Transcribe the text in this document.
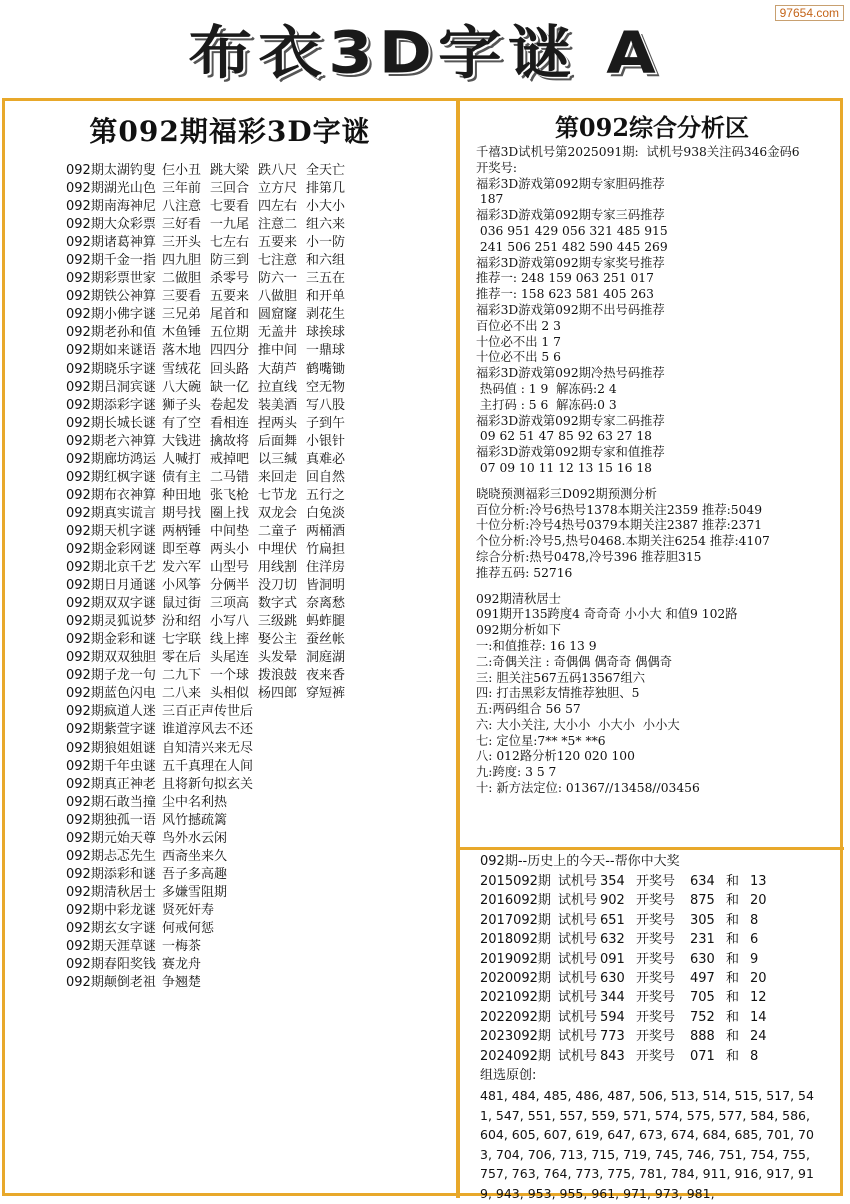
97654.com
布衣3D字谜 A
第092期福彩3D字谜
092期太湖钓叟 仨小丑 跳大梁 跌八尺 全天亡
092期湖光山色 三年前 三回合 立方尺 排第几
092期南海神尼 八注意 七要看 四左右 小大小
092期大众彩票 三好看 一九尾 注意二 组六来
092期诸葛神算 三开头 七左右 五要来 小一防
092期千金一指 四九胆 防三到 七注意 和六组
092期彩票世家 二做胆 杀零号 防六一 三五在
092期铁公神算 三要看 五要来 八做胆 和开单
092期小佛字谜 三兄弟 尾首和 圆窟窿 剥花生
092期老孙和值 木鱼锤 五位期 无盖井 球挨球
092期如来谜语 落木地 四四分 推中间 一鼎球
092期晓乐字谜 雪绒花 回头路 大葫芦 鹤嘴锄
092期吕洞宾谜 八大碗 缺一亿 拉直线 空无物
092期添彩字谜 狮子头 卷起发 装美酒 写八股
092期长城长谜 有了空 看相连 捏两头 子到午
092期老六神算 大钱进 擒故将 后面舞 小银针
092期廊坊鸿运 人喊打 戒掉吧 以三缄 真难必
092期红枫字谜 债有主 二马错 来回走 回自然
092期布衣神算 种田地 张飞枪 七节龙 五行之
092期真实谎言 期号找 圈上找 双龙会 白兔淡
092期天机字谜 两柄锤 中间垫 二童子 两桶酒
092期金彩网谜 即至尊 两头小 中埋伏 竹扁担
092期北京千艺 发六军 山型号 用线割 住洋房
092期日月通谜 小风筝 分俩半 没刀切 皆洞明
092期双双字谜 鼠过街 三项高 数字式 奈离愁
092期灵狐说梦 汾和绍 小写八 三级跳 蚂蚱腿
092期金彩和谜 七字联 线上摔 娶公主 蚕丝帐
092期双双独胆 零在后 头尾连 头发晕 洞庭湖
092期子龙一句 二九下 一个球 拨浪鼓 夜来香
092期蓝色闪电 二八来 头相似 杨四郎 穿短裤
092期疯道人迷 三百正声传世后
092期紫萱字谜 谁道淳风去不还
092期狼姐姐谜 自知清兴来无尽
092期千年虫谜 五千真理在人间
092期真正神老 且将新句拟玄关
092期石敢当撞 尘中名利热
092期独孤一语 风竹撼疏篱
092期元始天尊 鸟外水云闲
092期忐忑先生 西斋坐来久
092期添彩和谜 吾子多高趣
092期清秋居士 多嫌雪阻期
092期中彩龙谜 贤死奸寿
092期玄女字谜 何戒何惩
092期天涯草谜 一梅茶
092期春阳奖钱 赛龙舟
092期颠倒老祖 争翘楚
第092综合分析区
千禧3D试机号第2025091期:  试机号938关注码346金码6
开奖号:
福彩3D游戏第092期专家胆码推荐
187
福彩3D游戏第092期专家三码推荐
036 951 429 056 321 485 915
241 506 251 482 590 445 269
福彩3D游戏第092期专家奖号推荐
推荐一: 248 159 063 251 017
推荐一: 158 623 581 405 263
福彩3D游戏第092期不出号码推荐
百位必不出 2 3
十位必不出 1 7
十位必不出 5 6
福彩3D游戏第092期冷热号码推荐
热码值 : 1 9  解冻码:2 4
主打码 : 5 6  解冻码:0 3
福彩3D游戏第092期专家二码推荐
09 62 51 47 85 92 63 27 18
福彩3D游戏第092期专家和值推荐
07 09 10 11 12 13 15 16 18
晓晓预测福彩三D092期预测分析
百位分析:冷号6热号1378本期关注2359 推荐:5049
十位分析:冷号4热号0379本期关注2387 推荐:2371
个位分析:冷号5,热号0468.本期关注6254 推荐:4107
综合分析:热号0478,冷号396 推荐胆315
推荐五码: 52716
092期清秋居士
091期开135跨度4 奇奇奇 小小大 和值9 102路
092期分析如下
一:和值推荐: 16 13 9
二:奇偶关注 : 奇偶偶 偶奇奇 偶偶奇
三: 胆关注567五码13567组六
四: 打击黑彩友情推荐独胆、5
五:两码组合 56 57
六: 大小关注, 大小小  小大小  小小大
七: 定位星:7** *5* **6
八: 012路分析120 020 100
九:跨度: 3 5 7
十: 新方法定位: 01367//13458//03456
092期--历史上的今天--帮你中大奖
2015092期 试机号 354 开奖号	634 和 13
2016092期 试机号 902 开奖号	875 和 20
2017092期 试机号 651 开奖号	305 和 8
2018092期 试机号 632 开奖号	231 和 6
2019092期 试机号 091 开奖号	630 和 9
2020092期 试机号 630 开奖号	497 和 20
2021092期 试机号 344 开奖号	705 和 12
2022092期 试机号 594 开奖号	752 和 14
2023092期 试机号 773 开奖号	888 和 24
2024092期 试机号 843 开奖号	071 和 8
组选原创:
481, 484, 485, 486, 487, 506, 513, 514, 515, 517, 541, 547, 551, 557, 559, 571, 574, 575, 577, 584, 586, 604, 605, 607, 619, 647, 673, 674, 684, 685, 701, 703, 704, 706, 713, 715, 719, 745, 746, 751, 754, 755, 757, 763, 764, 773, 775, 781, 784, 911, 916, 917, 919, 943, 953, 955, 961, 971, 973, 981,
